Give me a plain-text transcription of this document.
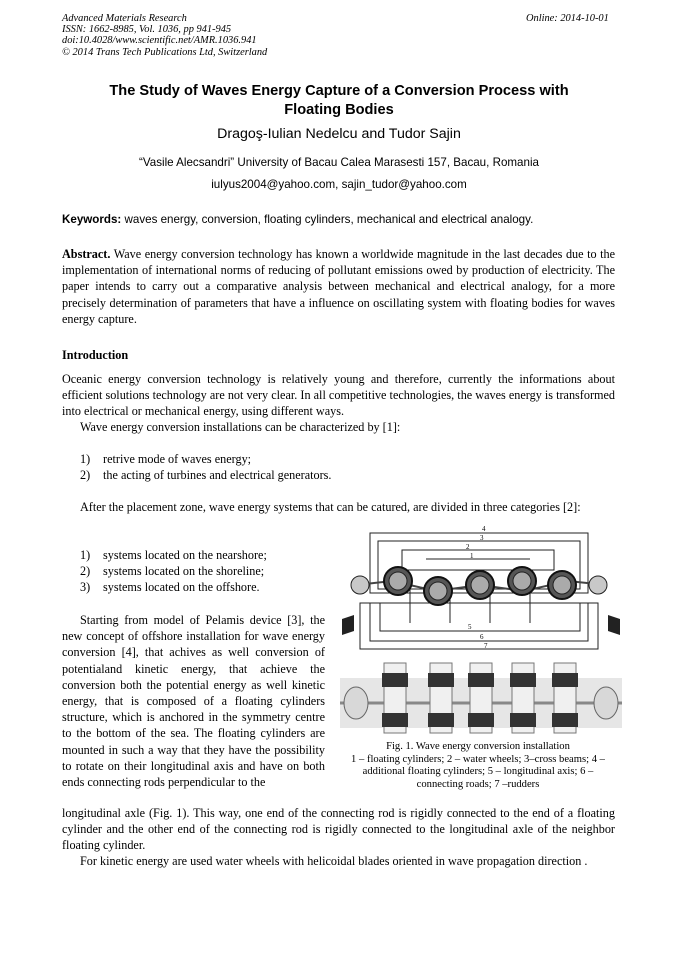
Advanced Materials Research
ISSN: 1662-8985, Vol. 1036, pp 941-945
doi:10.4028/www.scientific.net/AMR.1036.941
© 2014 Trans Tech Publications Ltd, Switzerland
Online: 2014-10-01
The Study of Waves Energy Capture of a Conversion Process with
Floating Bodies
Dragoş-Iulian Nedelcu and Tudor Sajin
“Vasile Alecsandri” University of Bacau Calea Marasesti 157, Bacau, Romania
iulyus2004@yahoo.com, sajin_tudor@yahoo.com
Keywords: waves energy, conversion, floating cylinders, mechanical and electrical analogy.
Abstract. Wave energy conversion technology has known a worldwide magnitude in the last decades due to the implementation of international norms of reducing of pollutant emissions owed by production of electricity. The paper intends to carry out a comparative analysis between mechanical and electrical analogy, for a more precisely determination of parameters that have a influence on oscillating system with floating bodies for waves energy capture.
Introduction
Oceanic energy conversion technology is relatively young and therefore, currently the informations about efficient solutions technology are not very clear. In all competitive technologies, the waves energy is transformed into electrical or mechanical energy, using different ways.
Wave energy conversion installations can be characterized by [1]:
1) retrive mode of waves energy;
2) the acting of turbines and electrical generators.
After the placement zone, wave energy systems that can be catured, are divided in three categories [2]:
1) systems located on the nearshore;
2) systems located on the shoreline;
3) systems located on the offshore.
Starting from model of Pelamis device [3], the new concept of offshore installation for wave energy conversion [4], that achives as well conversion of potentialand kinetic energy, that achieve the conversion both the potential energy as well kinetic energy, that is composed of a floating cylinders structure, which is anchored in the symmetry centre to the bottom of the sea. The floating cylinders are mounted in such a way that they have the possibility to rotate on their longitudinal axis and have on both ends connecting rods perpendicular to the
4
3
2
1
5
6
7
Fig. 1. Wave energy conversion installation
1 – floating cylinders; 2 – water wheels; 3–cross beams; 4 –
additional floating cylinders; 5 – longitudinal axis; 6 –
connecting roads; 7 –rudders
longitudinal axle (Fig. 1). This way, one end of the connecting rod is rigidly connected to the end of a floating cylinder and the other end of the connecting rod is rigidly connected to the longitudinal axle of the neighbor floating cylinder.
For kinetic energy are used water wheels with helicoidal blades oriented in wave propagation direction .
